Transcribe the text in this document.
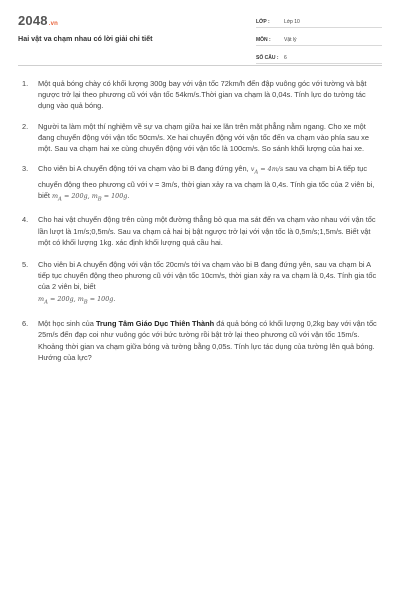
2048.vn
Hai vật va chạm nhau có lời giải chi tiết
LỚP :	Lớp 10
MÔN :	Vật lý
SỐ CÂU :	6
1.	Một quả bóng chày có khối lượng 300g bay với vận tốc 72km/h đến đập vuông góc với tường và bật ngược trở lại theo phương cũ với vận tốc 54km/s.Thời gian va chạm là 0,04s. Tính lực do tường tác dụng vào quả bóng.
2.	Người ta làm một thí nghiệm về sự va chạm giữa hai xe lăn trên mặt phẳng nằm ngang. Cho xe một đang chuyển động với vận tốc 50cm/s. Xe hai chuyển động với vận tốc đến va chạm vào phía sau xe một. Sau va chạm hai xe cùng chuyển động với vận tốc là 100cm/s. So sánh khối lượng của hai xe.
3.	Cho viên bi A chuyển động tới va chạm vào bi B đang đứng yên, $v_A = 4m/s$ sau va chạm bi A tiếp tục chuyển động theo phương cũ với v = 3m/s, thời gian xảy ra va chạm là 0,4s. Tính gia tốc của 2 viên bi, biết $m_A = 200g$, $m_B = 100g$.
4.	Cho hai vật chuyển động trên cùng một đường thẳng bỏ qua ma sát đến va chạm vào nhau với vận tốc lần lượt là 1m/s;0,5m/s. Sau va chạm cả hai bị bật ngược trở lại với vận tốc là 0,5m/s;1,5m/s. Biết vật một có khối lượng 1kg. xác định khối lượng quả cầu hai.
5.	Cho viên bi A chuyển động với vận tốc 20cm/s tới va chạm vào bi B đang đứng yên, sau va chạm bi A tiếp tục chuyển động theo phương cũ với vận tốc 10cm/s, thời gian xảy ra va chạm là 0,4s. Tính gia tốc của 2 viên bi, biết
$m_A = 200g$, $m_B = 100g$.
6.	Một học sinh của Trung Tâm Giáo Dục Thiên Thành đá quả bóng có khối lượng 0,2kg bay với vận tốc 25m/s đến đạp coi như vuông góc với bức tường rồi bật trở lại theo phương cũ với vận tốc 15m/s. Khoảng thời gian va chạm giữa bóng và tường bằng 0,05s. Tính lực tác dụng của tường lên quả bóng. Hướng của lực?
